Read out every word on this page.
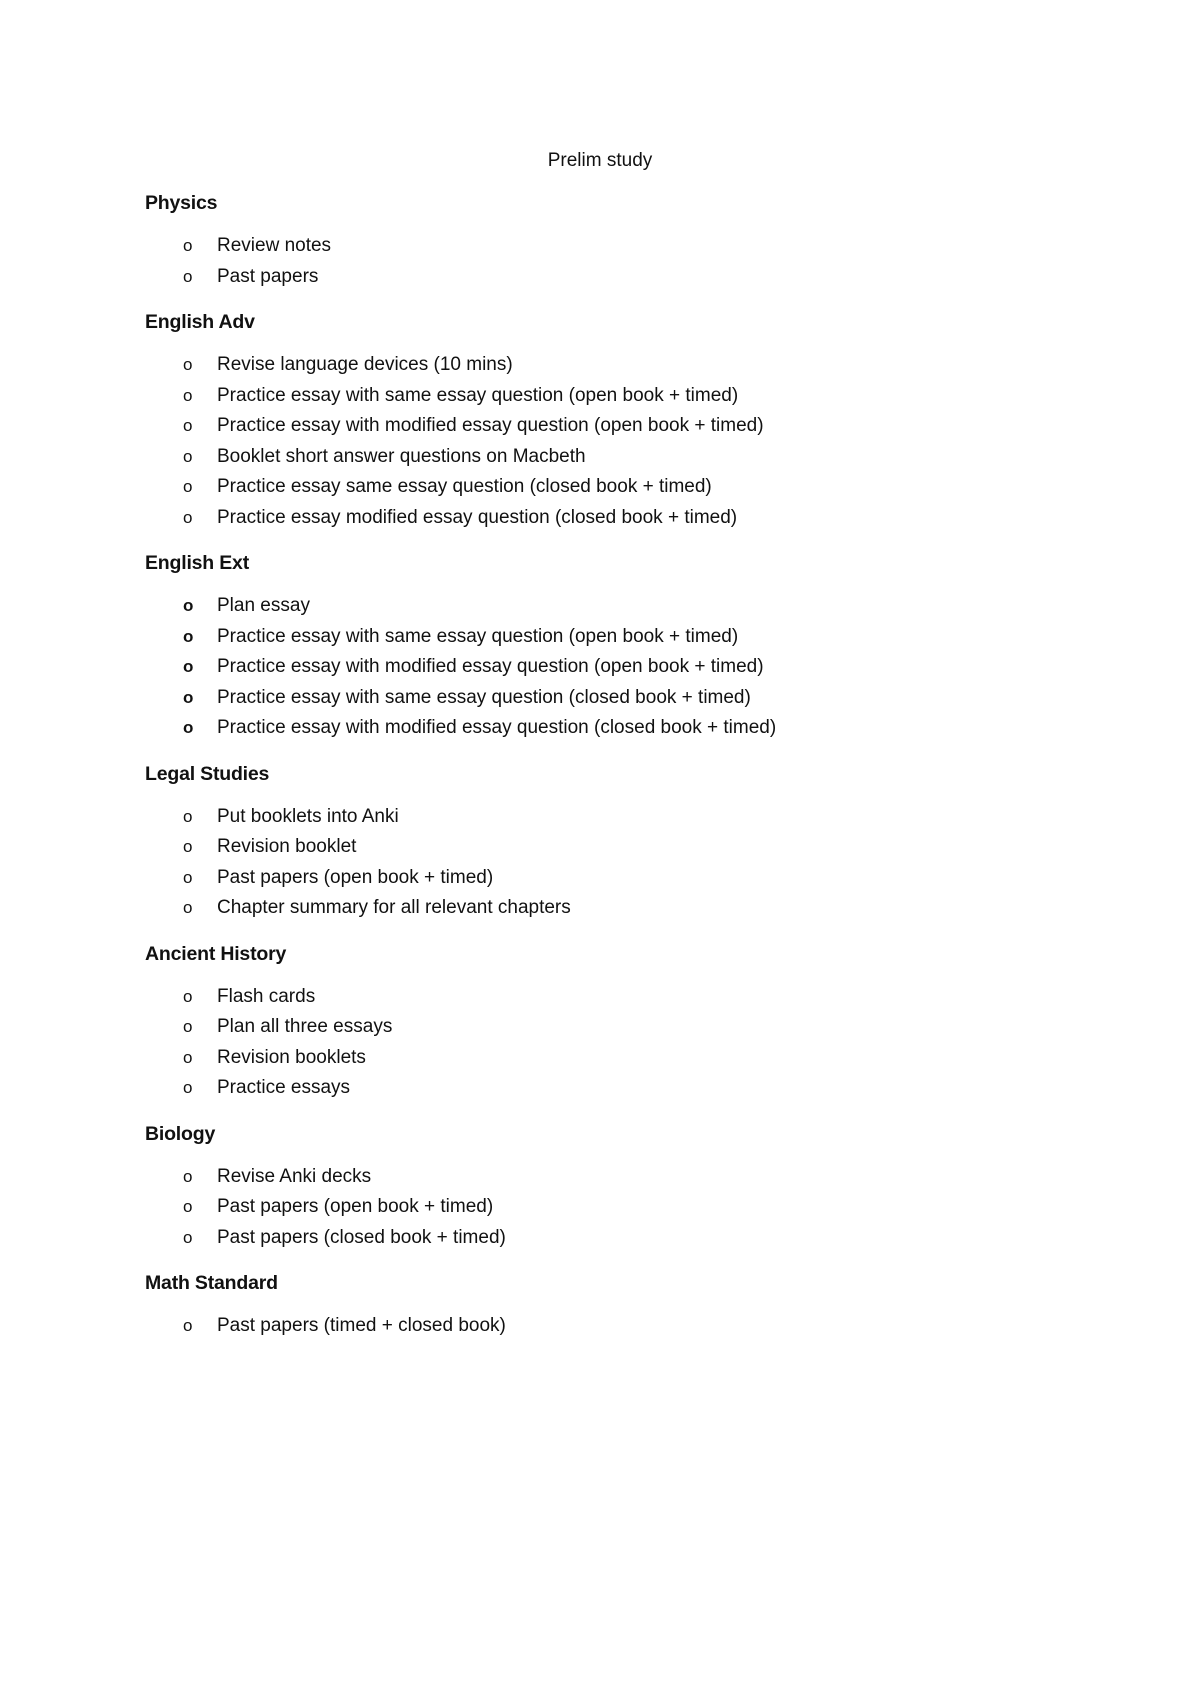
Prelim study
Physics
o Review notes
o Past papers
English Adv
o Revise language devices (10 mins)
o Practice essay with same essay question (open book + timed)
o Practice essay with modified essay question (open book + timed)
o Booklet short answer questions on Macbeth
o Practice essay same essay question (closed book + timed)
o Practice essay modified essay question (closed book + timed)
English Ext
o Plan essay
o Practice essay with same essay question (open book + timed)
o Practice essay with modified essay question (open book + timed)
o Practice essay with same essay question (closed book + timed)
o Practice essay with modified essay question (closed book + timed)
Legal Studies
o Put booklets into Anki
o Revision booklet
o Past papers (open book + timed)
o Chapter summary for all relevant chapters
Ancient History
o Flash cards
o Plan all three essays
o Revision booklets
o Practice essays
Biology
o Revise Anki decks
o Past papers (open book + timed)
o Past papers (closed book + timed)
Math Standard
o Past papers (timed + closed book)
